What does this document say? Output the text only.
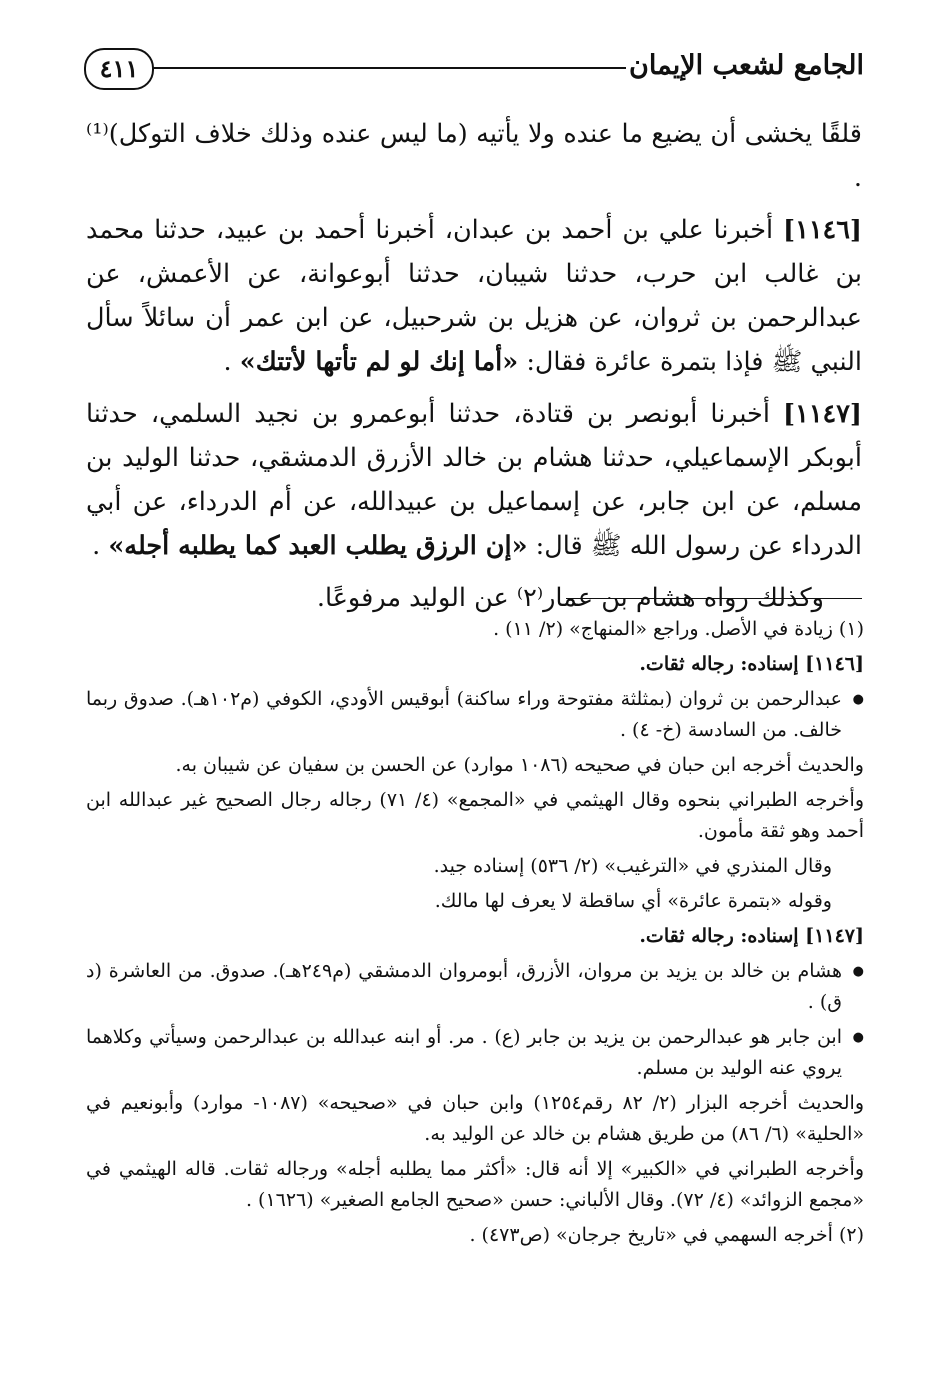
٤١١	الجامع لشعب الإيمان

قلقًا يخشى أن يضيع ما عنده ولا يأتيه (ما ليس عنده وذلك خلاف التوكل)⁽¹⁾ .

[١١٤٦] أخبرنا علي بن أحمد بن عبدان، أخبرنا أحمد بن عبيد، حدثنا محمد بن غالب ابن حرب، حدثنا شيبان، حدثنا أبوعوانة، عن الأعمش، عن عبدالرحمن بن ثروان، عن هزيل بن شرحبيل، عن ابن عمر أن سائلاً سأل النبي ﷺ فإذا بتمرة عائرة فقال: «أما إنك لو لم تأتها لأتتك» .

[١١٤٧] أخبرنا أبونصر بن قتادة، حدثنا أبوعمرو بن نجيد السلمي، حدثنا أبوبكر الإسماعيلي، حدثنا هشام بن خالد الأزرق الدمشقي، حدثنا الوليد بن مسلم، عن ابن جابر، عن إسماعيل بن عبيدالله، عن أم الدرداء، عن أبي الدرداء عن رسول الله ﷺ قال: «إن الرزق يطلب العبد كما يطلبه أجله» .

وكذلك رواه هشام بن عمار⁽٢⁾ عن الوليد مرفوعًا.

(١) زيادة في الأصل. وراجع «المنهاج» (٢/ ١١) .

[١١٤٦] إسناده: رجاله ثقات.

● عبدالرحمن بن ثروان (بمثلثة مفتوحة وراء ساكنة) أبوقيس الأودي، الكوفي (م١٠٢هـ). صدوق ربما خالف. من السادسة (خ- ٤) .

والحديث أخرجه ابن حبان في صحيحه (١٠٨٦ موارد) عن الحسن بن سفيان عن شيبان به.

وأخرجه الطبراني بنحوه وقال الهيثمي في «المجمع» (٤/ ٧١) رجاله رجال الصحيح غير عبدالله ابن أحمد وهو ثقة مأمون.

وقال المنذري في «الترغيب» (٢/ ٥٣٦) إسناده جيد.

وقوله «بتمرة عائرة» أي ساقطة لا يعرف لها مالك.

[١١٤٧] إسناده: رجاله ثقات.

● هشام بن خالد بن يزيد بن مروان، الأزرق، أبومروان الدمشقي (م٢٤٩هـ). صدوق. من العاشرة (د ق) .

● ابن جابر هو عبدالرحمن بن يزيد بن جابر (ع) . مر. أو ابنه عبدالله بن عبدالرحمن وسيأتي وكلاهما يروي عنه الوليد بن مسلم.

والحديث أخرجه البزار (٢/ ٨٢ رقم١٢٥٤) وابن حبان في «صحيحه» (١٠٨٧- موارد) وأبونعيم في «الحلية» (٦/ ٨٦) من طريق هشام بن خالد عن الوليد به.

وأخرجه الطبراني في «الكبير» إلا أنه قال: «أكثر مما يطلبه أجله» ورجاله ثقات. قاله الهيثمي في «مجمع الزوائد» (٤/ ٧٢). وقال الألباني: حسن «صحيح الجامع الصغير» (١٦٢٦) .

(٢) أخرجه السهمي في «تاريخ جرجان» (ص٤٧٣) .
